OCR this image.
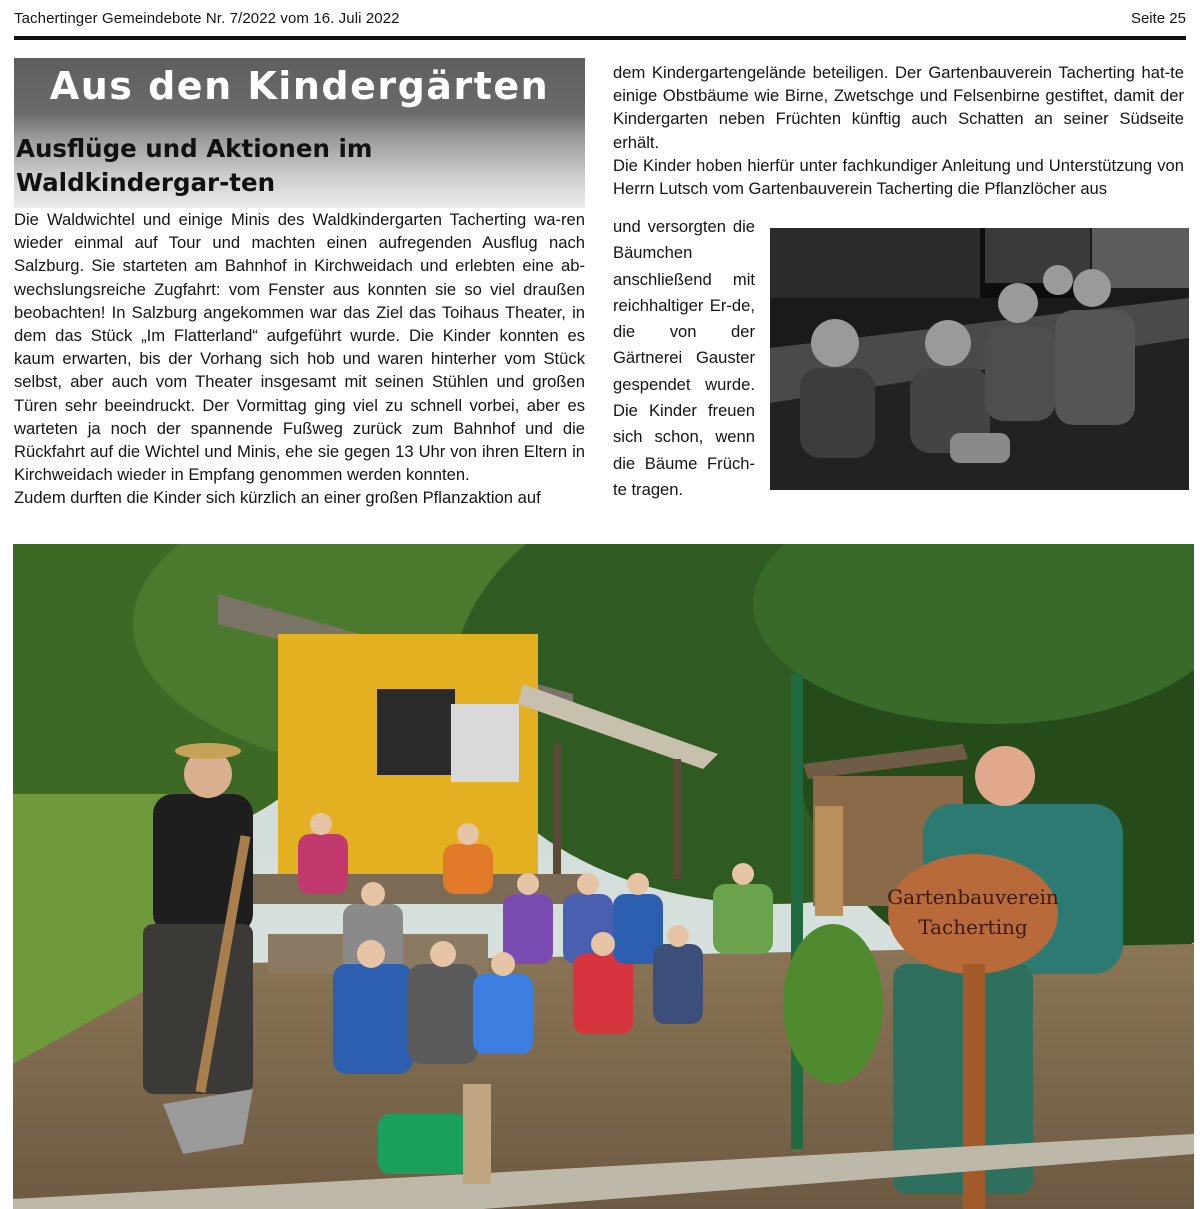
Tachertinger Gemeindebote Nr. 7/2022 vom 16. Juli 2022	Seite 25
Aus den Kindergärten
Ausflüge und Aktionen im Waldkindergar-ten

Die Waldwichtel und einige Minis des Waldkindergarten Tacherting wa-ren wieder einmal auf Tour und machten einen aufregenden Ausflug nach Salzburg. Sie starteten am Bahnhof in Kirchweidach und erlebten eine ab-wechslungsreiche Zugfahrt: vom Fenster aus konnten sie so viel draußen beobachten! In Salzburg angekommen war das Ziel das Toihaus Theater, in dem das Stück „Im Flatterland“ aufgeführt wurde. Die Kinder konnten es kaum erwarten, bis der Vorhang sich hob und waren hinterher vom Stück selbst, aber auch vom Theater insgesamt mit seinen Stühlen und großen Türen sehr beeindruckt. Der Vormittag ging viel zu schnell vorbei, aber es warteten ja noch der spannende Fußweg zurück zum Bahnhof und die Rückfahrt auf die Wichtel und Minis, ehe sie gegen 13 Uhr von ihren Eltern in Kirchweidach wieder in Empfang genommen werden konnten.

Zudem durften die Kinder sich kürzlich an einer großen Pflanzaktion auf

dem Kindergartengelände beteiligen. Der Gartenbauverein Tacherting hat-te einige Obstbäume wie Birne, Zwetschge und Felsenbirne gestiftet, damit der Kindergarten neben Früchten künftig auch Schatten an seiner Südseite erhält.

Die Kinder hoben hierfür unter fachkundiger Anleitung und Unterstützung von Herrn Lutsch vom Gartenbauverein Tacherting die Pflanzlöcher aus

und versorgten die Bäumchen anschließend mit reichhaltiger Er-de, die von der Gärtnerei Gauster gespendet wurde. Die Kinder freuen sich schon, wenn die Bäume Früch-te tragen.
Gartenbauverein
Tacherting
